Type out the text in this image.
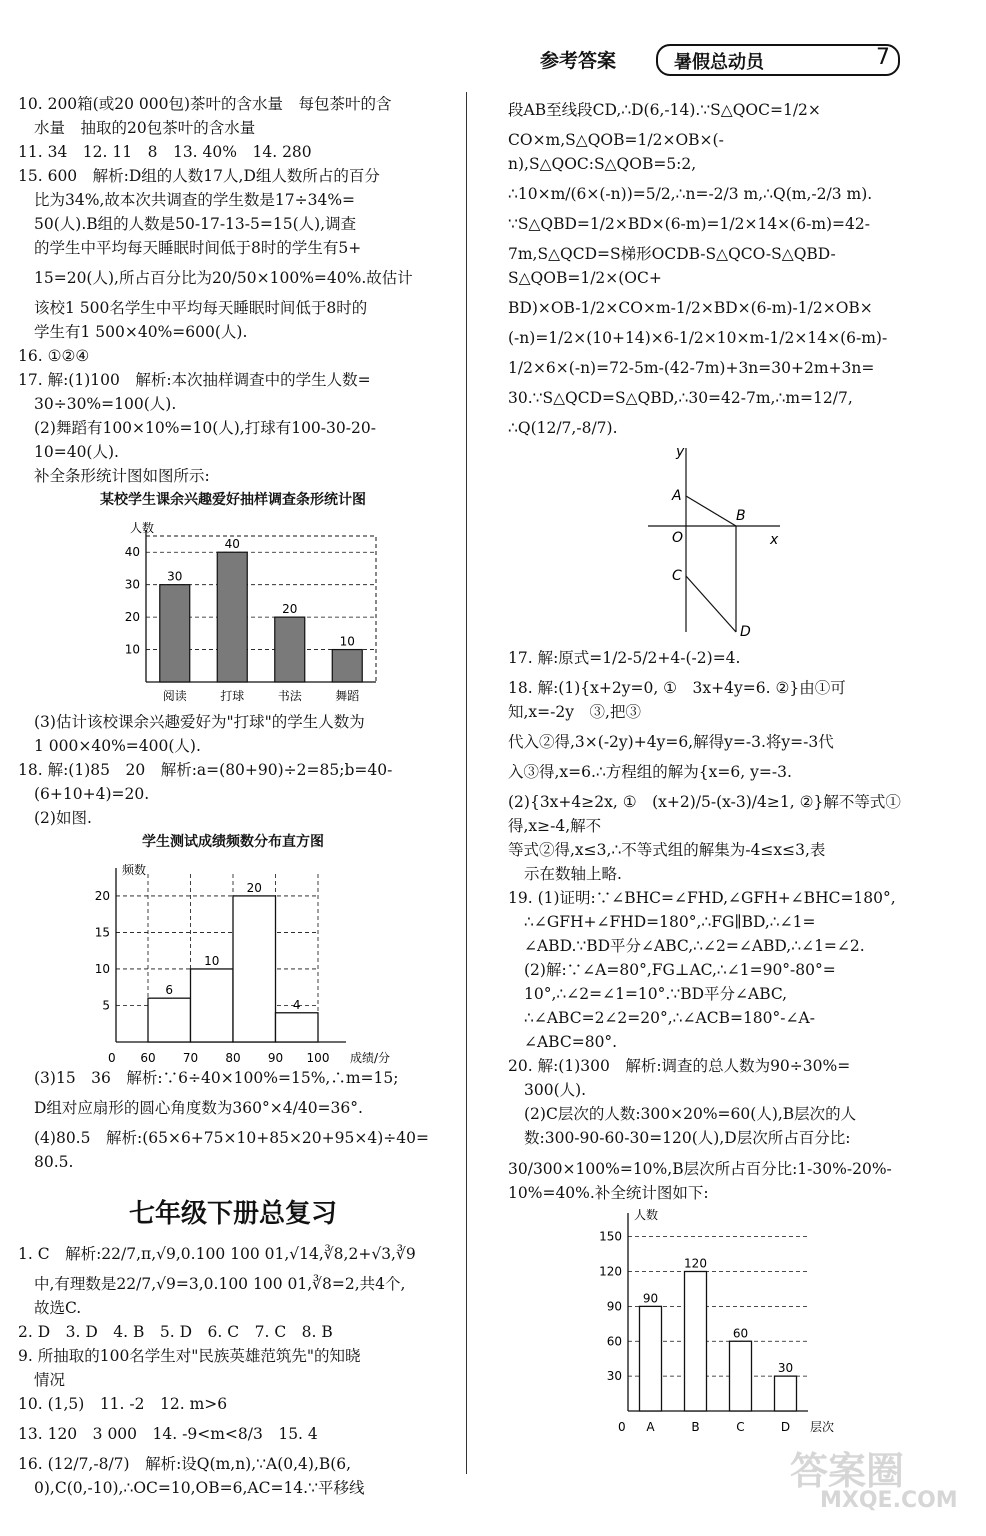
参考答案	暑假总动员	7

10. 200箱(或20 000包)茶叶的含水量　每包茶叶的含

水量　抽取的20包茶叶的含水量

11. 34　12. 11　8　13. 40%　14. 280

15. 600　解析:D组的人数17人,D组人数所占的百分

比为34%,故本次共调查的学生数是17÷34%=

50(人).B组的人数是50-17-13-5=15(人),调查

的学生中平均每天睡眠时间低于8时的学生有5+

15=20(人),所占百分比为20/50×100%=40%.故估计

该校1 500名学生中平均每天睡眠时间低于8时的

学生有1 500×40%=600(人).

16. ①②④

17. 解:(1)100　解析:本次抽样调查中的学生人数=

30÷30%=100(人).

(2)舞蹈有100×10%=10(人),打球有100-30-20-

10=40(人).

补全条形统计图如图所示:

某校学生课余兴趣爱好抽样调查条形统计图
人数
10
20
30
40
30
阅读
40
打球
20
书法
10
舞蹈

(3)估计该校课余兴趣爱好为"打球"的学生人数为

1 000×40%=400(人).

18. 解:(1)85　20　解析:a=(80+90)÷2=85;b=40-

(6+10+4)=20.

(2)如图.

学生测试成绩频数分布直方图
频数
成绩/分
0
5
10
15
20
60 70 80 90 100
6
10
20
4

(3)15　36　解析:∵6÷40×100%=15%,∴m=15;

D组对应扇形的圆心角度数为360°×4/40=36°.

(4)80.5　解析:(65×6+75×10+85×20+95×4)÷40=

80.5.

七年级下册总复习

1. C　解析:22/7,π,√9,0.100 100 01,√14,∛8,2+√3,∛9

中,有理数是22/7,√9=3,0.100 100 01,∛8=2,共4个,

故选C.

2. D　3. D　4. B　5. D　6. C　7. C　8. B

9. 所抽取的100名学生对"民族英雄范筑先"的知晓

情况

10. (1,5)　11. -2　12. m>6

13. 120　3 000　14. -9<m<8/3　15. 4

16. (12/7,-8/7)　解析:设Q(m,n),∵A(0,4),B(6,

0),C(0,-10),∴OC=10,OB=6,AC=14.∵平移线

段AB至线段CD,∴D(6,-14).∵S△QOC=1/2×

CO×m,S△QOB=1/2×OB×(-n),S△QOC:S△QOB=5:2,

∴10×m/(6×(-n))=5/2,∴n=-2/3 m,∴Q(m,-2/3 m).

∵S△QBD=1/2×BD×(6-m)=1/2×14×(6-m)=42-

7m,S△QCD=S梯形OCDB-S△QCO-S△QBD-S△QOB=1/2×(OC+

BD)×OB-1/2×CO×m-1/2×BD×(6-m)-1/2×OB×

(-n)=1/2×(10+14)×6-1/2×10×m-1/2×14×(6-m)-

1/2×6×(-n)=72-5m-(42-7m)+3n=30+2m+3n=

30.∵S△QCD=S△QBD,∴30=42-7m,∴m=12/7,

∴Q(12/7,-8/7).

y
x
A
B
O
C
D

17. 解:原式=1/2-5/2+4-(-2)=4.

18. 解:(1){x+2y=0, ①　3x+4y=6. ②}由①可知,x=-2y　③,把③

代入②得,3×(-2y)+4y=6,解得y=-3.将y=-3代

入③得,x=6.∴方程组的解为{x=6, y=-3.

(2){3x+4≥2x, ①　(x+2)/5-(x-3)/4≥1, ②}解不等式①得,x≥-4,解不

等式②得,x≤3,∴不等式组的解集为-4≤x≤3,表

示在数轴上略.

19. (1)证明:∵∠BHC=∠FHD,∠GFH+∠BHC=180°,

∴∠GFH+∠FHD=180°,∴FG∥BD,∴∠1=

∠ABD.∵BD平分∠ABC,∴∠2=∠ABD,∴∠1=∠2.

(2)解:∵∠A=80°,FG⊥AC,∴∠1=90°-80°=

10°,∴∠2=∠1=10°.∵BD平分∠ABC,

∴∠ABC=2∠2=20°,∴∠ACB=180°-∠A-∠ABC=80°.

20. 解:(1)300　解析:调查的总人数为90÷30%=

300(人).

(2)C层次的人数:300×20%=60(人),B层次的人

数:300-90-60-30=120(人),D层次所占百分比:

30/300×100%=10%,B层次所占百分比:1-30%-20%-

10%=40%.补全统计图如下:

人数
层次
0
30
60
90
120
150
90
A
120
B
60
C
30
D
答案圈
MXQE.COM
